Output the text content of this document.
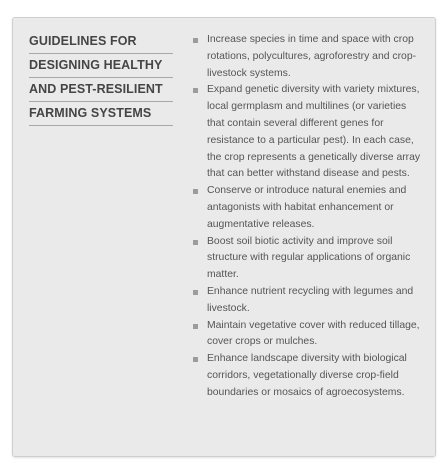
GUIDELINES FOR
DESIGNING HEALTHY
AND PEST-RESILIENT
FARMING SYSTEMS
Increase species in time and space with crop rotations, polycultures, agroforestry and crop-livestock systems.
Expand genetic diversity with variety mixtures, local germplasm and multilines (or varieties that contain several different genes for resistance to a particular pest). In each case, the crop represents a genetically diverse array that can better withstand disease and pests.
Conserve or introduce natural enemies and antagonists with habitat enhancement or augmentative releases.
Boost soil biotic activity and improve soil structure with regular applications of organic matter.
Enhance nutrient recycling with legumes and livestock.
Maintain vegetative cover with reduced tillage, cover crops or mulches.
Enhance landscape diversity with biological corridors, vegetationally diverse crop-field boundaries or mosaics of agroecosystems.
